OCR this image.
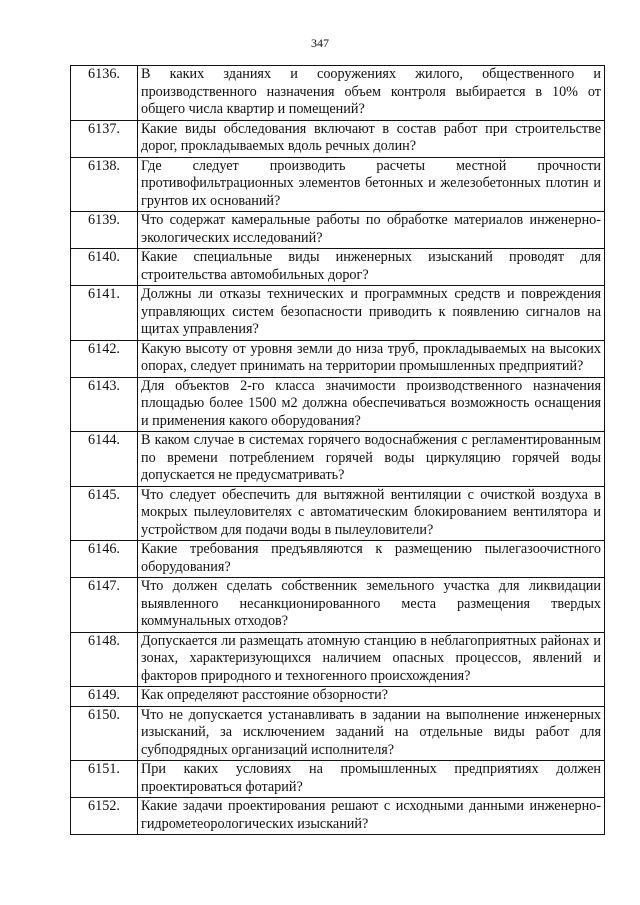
347
6136.	В каких зданиях и сооружениях жилого, общественного и производственного назначения объем контроля выбирается в 10% от общего числа квартир и помещений?
6137.	Какие виды обследования включают в состав работ при строительстве дорог, прокладываемых вдоль речных долин?
6138.	Где следует производить расчеты местной прочности противофильтрационных элементов бетонных и железобетонных плотин и грунтов их оснований?
6139.	Что содержат камеральные работы по обработке материалов инженерно-экологических исследований?
6140.	Какие специальные виды инженерных изысканий проводят для строительства автомобильных дорог?
6141.	Должны ли отказы технических и программных средств и повреждения управляющих систем безопасности приводить к появлению сигналов на щитах управления?
6142.	Какую высоту от уровня земли до низа труб, прокладываемых на высоких опорах, следует принимать на территории промышленных предприятий?
6143.	Для объектов 2-го класса значимости производственного назначения площадью более 1500 м2 должна обеспечиваться возможность оснащения и применения какого оборудования?
6144.	В каком случае в системах горячего водоснабжения с регламентированным по времени потреблением горячей воды циркуляцию горячей воды допускается не предусматривать?
6145.	Что следует обеспечить для вытяжной вентиляции с очисткой воздуха в мокрых пылеуловителях с автоматическим блокированием вентилятора и устройством для подачи воды в пылеуловители?
6146.	Какие требования предъявляются к размещению пылегазоочистного оборудования?
6147.	Что должен сделать собственник земельного участка для ликвидации выявленного несанкционированного места размещения твердых коммунальных отходов?
6148.	Допускается ли размещать атомную станцию в неблагоприятных районах и зонах, характеризующихся наличием опасных процессов, явлений и факторов природного и техногенного происхождения?
6149.	Как определяют расстояние обзорности?
6150.	Что не допускается устанавливать в задании на выполнение инженерных изысканий, за исключением заданий на отдельные виды работ для субподрядных организаций исполнителя?
6151.	При каких условиях на промышленных предприятиях должен проектироваться фотарий?
6152.	Какие задачи проектирования решают с исходными данными инженерно-гидрометеорологических изысканий?
